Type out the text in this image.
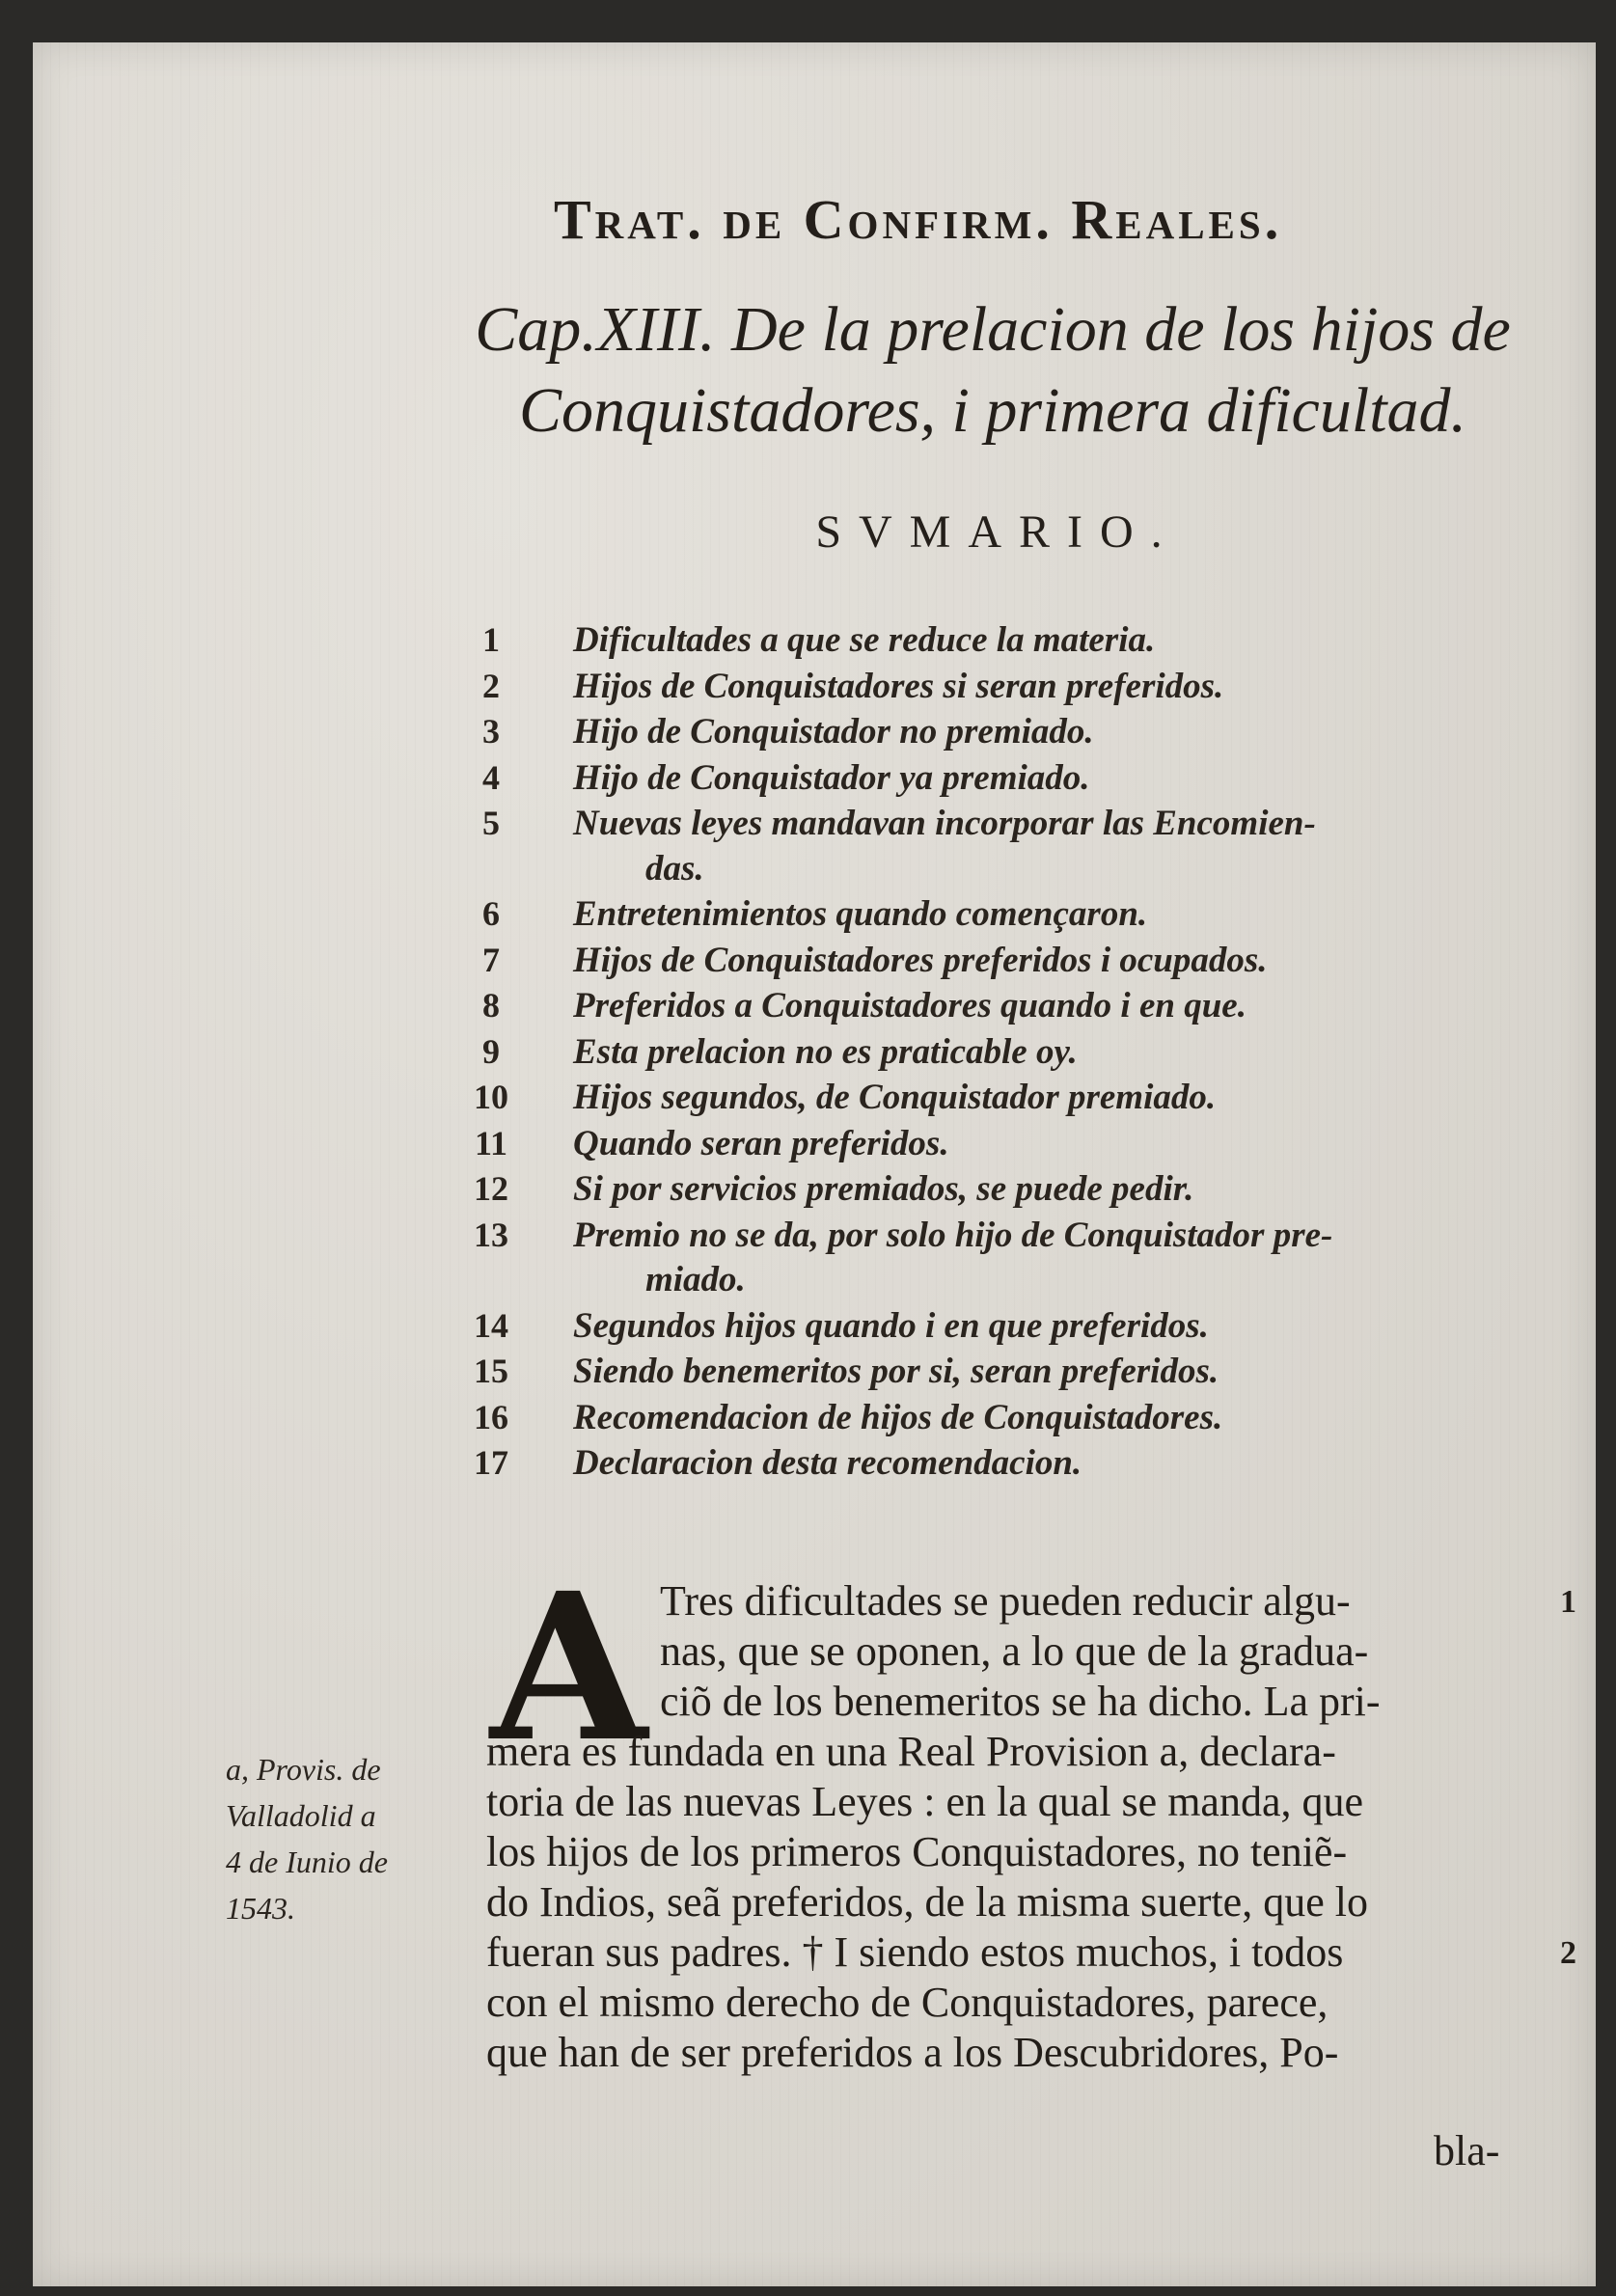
Trat. de Confirm. Reales.
Cap.XIII. De la prelacion de los hijos de
Conquistadores, i primera dificultad.
SVMARIO.
1	Dificultades a que se reduce la materia.
2	Hijos de Conquistadores si seran preferidos.
3	Hijo de Conquistador no premiado.
4	Hijo de Conquistador ya premiado.
5	Nuevas leyes mandavan incorporar las Encomien-
das.
6	Entretenimientos quando començaron.
7	Hijos de Conquistadores preferidos i ocupados.
8	Preferidos a Conquistadores quando i en que.
9	Esta prelacion no es praticable oy.
10	Hijos segundos, de Conquistador premiado.
11	Quando seran preferidos.
12	Si por servicios premiados, se puede pedir.
13	Premio no se da, por solo hijo de Conquistador pre-
miado.
14	Segundos hijos quando i en que preferidos.
15	Siendo benemeritos por si, seran preferidos.
16	Recomendacion de hijos de Conquistadores.
17	Declaracion desta recomendacion.
A Tres dificultades se pueden reducir algu-
nas, que se oponen, a lo que de la gradua-
ciõ de los benemeritos se ha dicho. La pri-
mera es fundada en una Real Provision a, declara-
toria de las nuevas Leyes : en la qual se manda, que
los hijos de los primeros Conquistadores, no teniẽ-
do Indios, seã preferidos, de la misma suerte, que lo
fueran sus padres. † I siendo estos muchos, i todos
con el mismo derecho de Conquistadores, parece,
que han de ser preferidos a los Descubridores, Po-
1
2
a, Provis. de
Valladolid a
4 de Iunio de
1543.
bla-
